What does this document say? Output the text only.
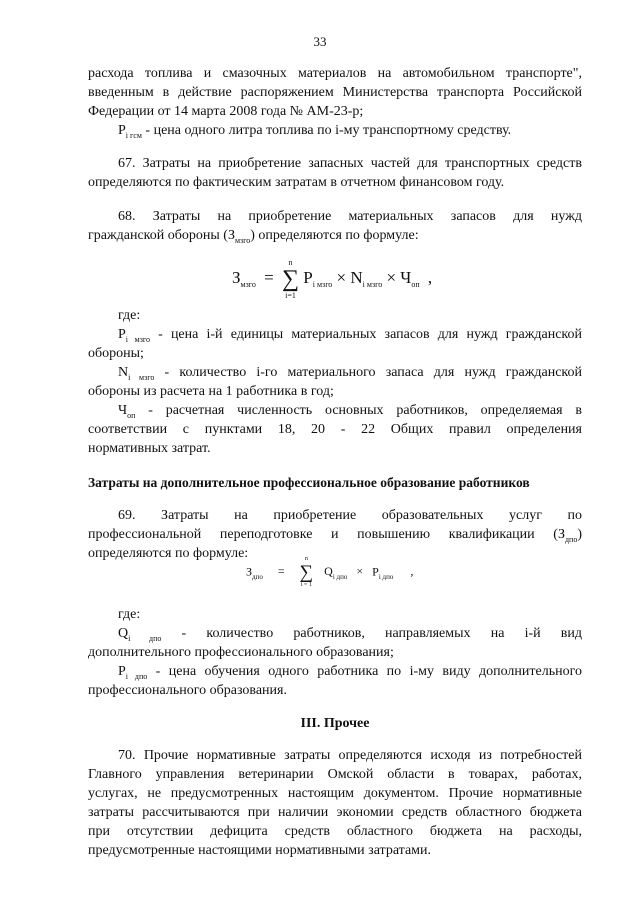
33
расхода топлива и смазочных материалов на автомобильном транспорте",
введенным в действие распоряжением Министерства транспорта Российской
Федерации от 14 марта 2008 года № АМ-23-р;
$P_{i гсм}$ - цена одного литра топлива по i-му транспортному средству.
67. Затраты на приобретение запасных частей для транспортных средств
определяются по фактическим затратам в отчетном финансовом году.
68. Затраты на приобретение материальных запасов для нужд
гражданской обороны $(З_{мзго})$ определяются по формуле:
$З_{мзго}$ =
n
∑
i=1
$P_{i мзго} \times N_{i мзго} \times Ч_{оп}$ ,
где:
$P_{i мзго}$ - цена i-й единицы материальных запасов для нужд гражданской
обороны;
$N_{i мзго}$ - количество i-го материального запаса для нужд гражданской
обороны из расчета на 1 работника в год;
$Ч_{оп}$ - расчетная численность основных работников, определяемая в
соответствии с пунктами 18, 20 - 22 Общих правил определения
нормативных затрат.
Затраты на дополнительное профессиональное образование работников
69. Затраты на приобретение образовательных услуг по
профессиональной переподготовке и повышению квалификации $(З_{дпо})$
определяются по формуле:
$З_{дпо}$ =
n
∑
i = 1
$Q_{i дпо} \times P_{i дпо}$ ,
где:
$Q_{i дпо}$ - количество работников, направляемых на i-й вид
дополнительного профессионального образования;
$P_{i дпо}$ - цена обучения одного работника по i-му виду дополнительного
профессионального образования.
III. Прочее
70. Прочие нормативные затраты определяются исходя из потребностей
Главного управления ветеринарии Омской области в товарах, работах,
услугах, не предусмотренных настоящим документом. Прочие нормативные
затраты рассчитываются при наличии экономии средств областного бюджета
при отсутствии дефицита средств областного бюджета на расходы,
предусмотренные настоящими нормативными затратами.
